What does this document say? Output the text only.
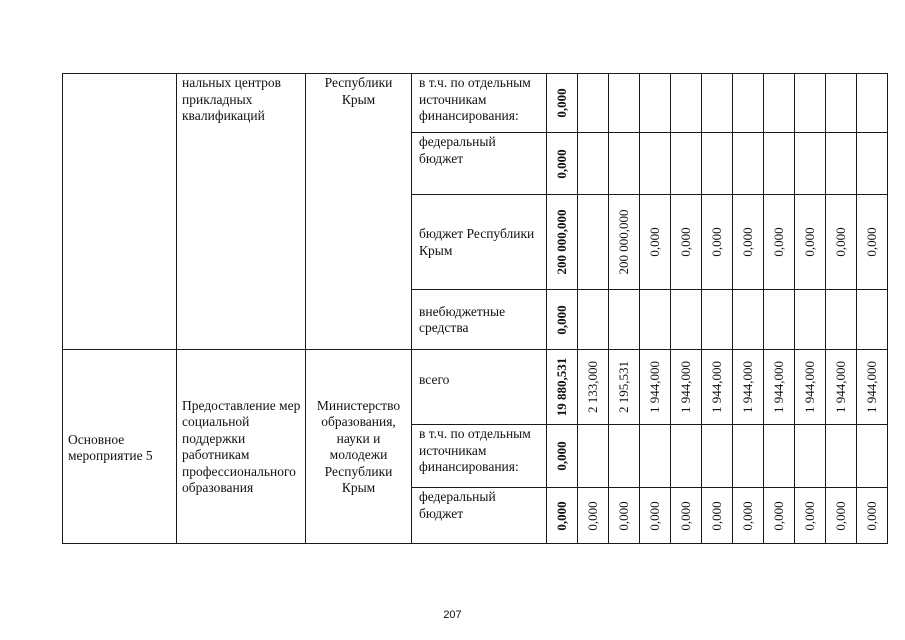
	нальных центров прикладных квалификаций	Республики Крым	в т.ч. по отдельным источникам финансирования:	0,000										

			федеральный бюджет	0,000										

			бюджет Республики Крым	200 000,000		200 000,000	0,000	0,000	0,000	0,000	0,000	0,000	0,000	0,000

			внебюджетные средства	0,000										

Основное мероприятие 5	Предоставление мер социальной поддержки работникам профессионального образования	Министерство образования, науки и молодежи Республики Крым	всего	19 880,531	2 133,000	2 195,531	1 944,000	1 944,000	1 944,000	1 944,000	1 944,000	1 944,000	1 944,000	1 944,000

			в т.ч. по отдельным источникам финансирования:	0,000										

			федеральный бюджет	0,000	0,000	0,000	0,000	0,000	0,000	0,000	0,000	0,000	0,000	0,000
207
